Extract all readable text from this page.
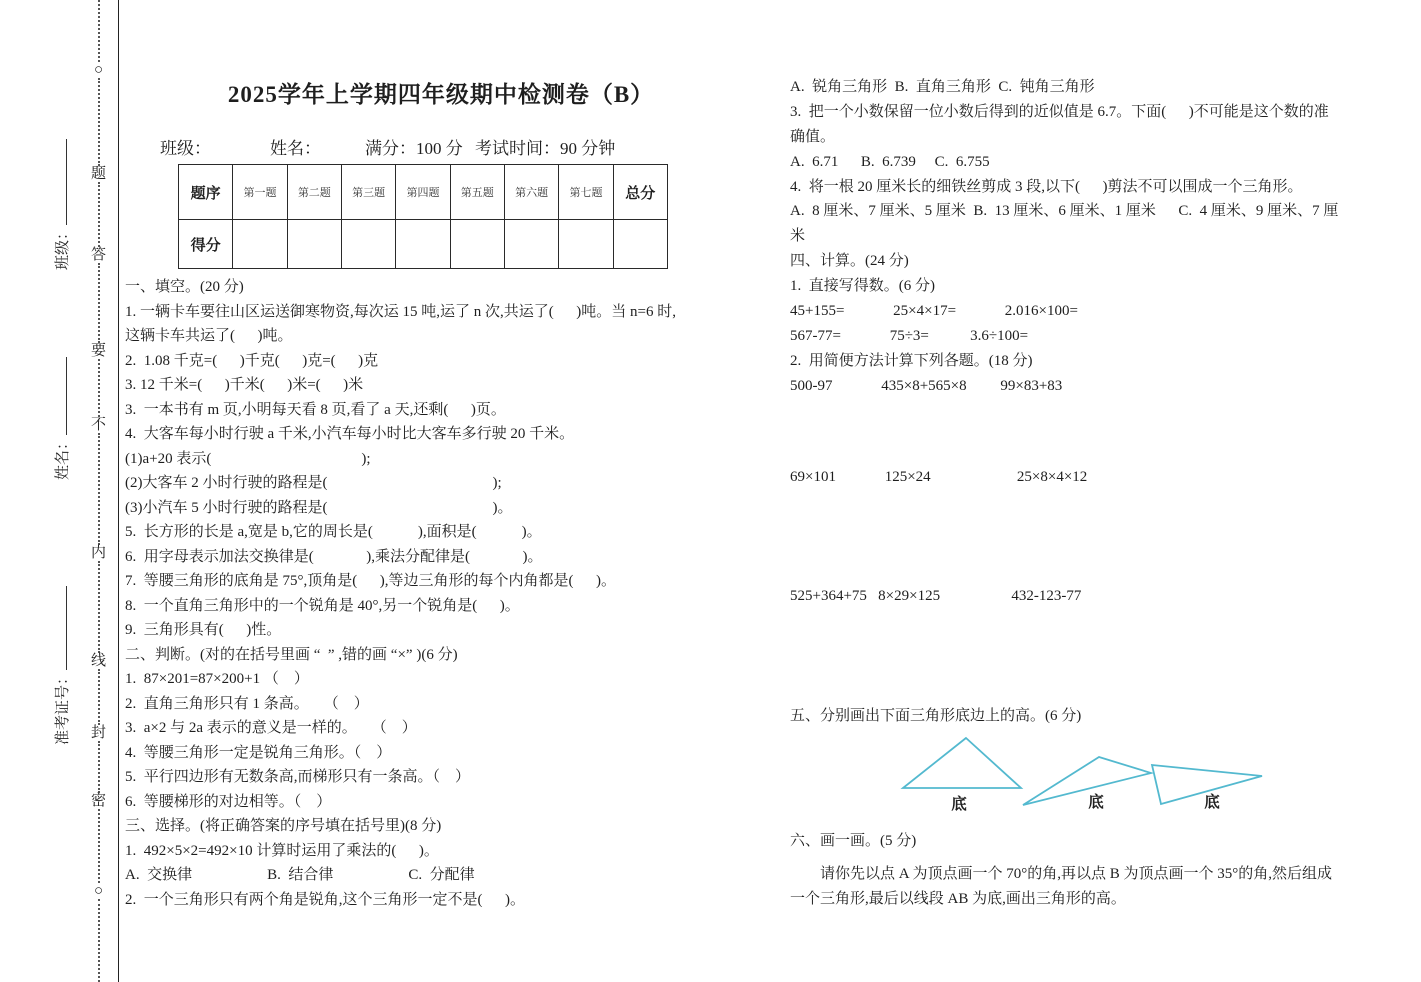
班级：
姓名：
准考证号：
○
题
答
要
不
内
线
封
密
○
2025学年上学期四年级期中检测卷（B）
班级：	姓名：	满分：100 分 考试时间：90 分钟
题序	第一题	第二题	第三题	第四题	第五题	第六题	第七题	总分
得分								
一、填空。(20 分)
1. 一辆卡车要往山区运送御寒物资,每次运 15 吨,运了 n 次,共运了(      )吨。当 n=6 时,
这辆卡车共运了(      )吨。
2.  1.08 千克=(      )千克(      )克=(      )克
3. 12 千米=(      )千米(      )米=(      )米
3.  一本书有 m 页,小明每天看 8 页,看了 a 天,还剩(      )页。
4.  大客车每小时行驶 a 千米,小汽车每小时比大客车多行驶 20 千米。
(1)a+20 表示(                                        );
(2)大客车 2 小时行驶的路程是(                                            );
(3)小汽车 5 小时行驶的路程是(                                            )。
5.  长方形的长是 a,宽是 b,它的周长是(            ),面积是(            )。
6.  用字母表示加法交换律是(              ),乘法分配律是(              )。
7.  等腰三角形的底角是 75°,顶角是(      ),等边三角形的每个内角都是(      )。
8.  一个直角三角形中的一个锐角是 40°,另一个锐角是(      )。
9.  三角形具有(      )性。
二、判断。(对的在括号里画 “  ” ,错的画 “×” )(6 分)
1.  87×201=87×200+1 （    ）
2.  直角三角形只有 1 条高。    （    ）
3.  a×2 与 2a 表示的意义是一样的。    （    ）
4.  等腰三角形一定是锐角三角形。（    ）
5.  平行四边形有无数条高,而梯形只有一条高。（    ）
6.  等腰梯形的对边相等。（    ）
三、选择。(将正确答案的序号填在括号里)(8 分)
1.  492×5×2=492×10 计算时运用了乘法的(      )。
A.  交换律                    B.  结合律                    C.  分配律
2.  一个三角形只有两个角是锐角,这个三角形一定不是(      )。
A.  锐角三角形  B.  直角三角形  C.  钝角三角形
3.  把一个小数保留一位小数后得到的近似值是 6.7。下面(      )不可能是这个数的准
确值。
A.  6.71      B.  6.739     C.  6.755
4.  将一根 20 厘米长的细铁丝剪成 3 段,以下(      )剪法不可以围成一个三角形。
A.  8 厘米、7 厘米、5 厘米  B.  13 厘米、6 厘米、1 厘米      C.  4 厘米、9 厘米、7 厘
米
四、计算。(24 分)
1.  直接写得数。(6 分)
45+155=             25×4×17=             2.016×100=
567-77=             75÷3=           3.6÷100=
2.  用简便方法计算下列各题。(18 分)
500-97             435×8+565×8         99×83+83
69×101             125×24                       25×8×4×12
525+364+75   8×29×125                   432-123-77
五、分别画出下面三角形底边上的高。(6 分)
底	底	底
六、画一画。(5 分)
请你先以点 A 为顶点画一个 70°的角,再以点 B 为顶点画一个 35°的角,然后组成
一个三角形,最后以线段 AB 为底,画出三角形的高。
